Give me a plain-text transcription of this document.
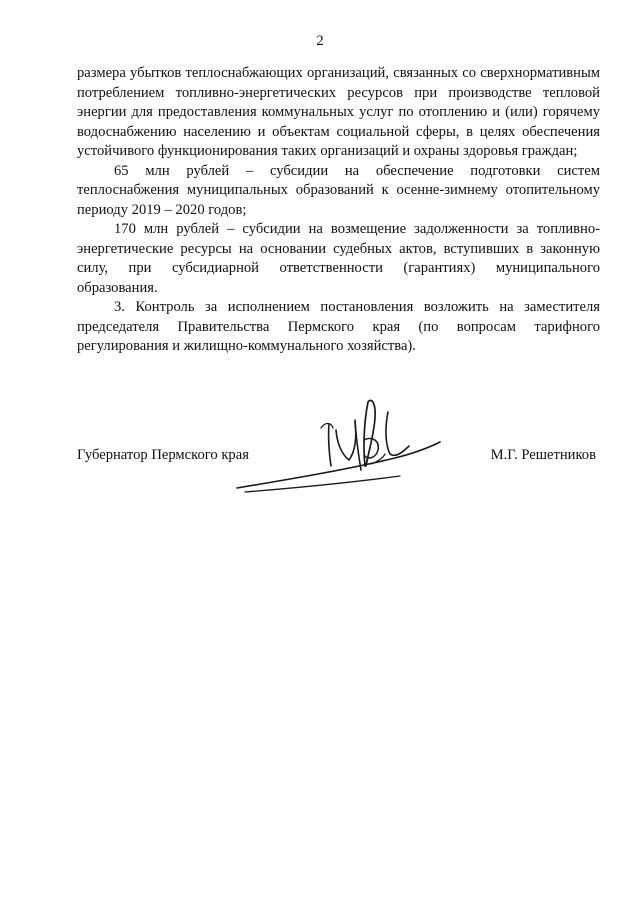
2

размера убытков теплоснабжающих организаций, связанных со сверхнормативным потреблением топливно-энергетических ресурсов при производстве тепловой энергии для предоставления коммунальных услуг по отоплению и (или) горячему водоснабжению населению и объектам социальной сферы, в целях обеспечения устойчивого функционирования таких организаций и охраны здоровья граждан;

65 млн рублей – субсидии на обеспечение подготовки систем теплоснабжения муниципальных образований к осенне-зимнему отопительному периоду 2019 – 2020 годов;

170 млн рублей – субсидии на возмещение задолженности за топливно-энергетические ресурсы на основании судебных актов, вступивших в законную силу, при субсидиарной ответственности (гарантиях) муниципального образования.

3. Контроль за исполнением постановления возложить на заместителя председателя Правительства Пермского края (по вопросам тарифного регулирования и жилищно-коммунального хозяйства).

Губернатор Пермского края	М.Г. Решетников
